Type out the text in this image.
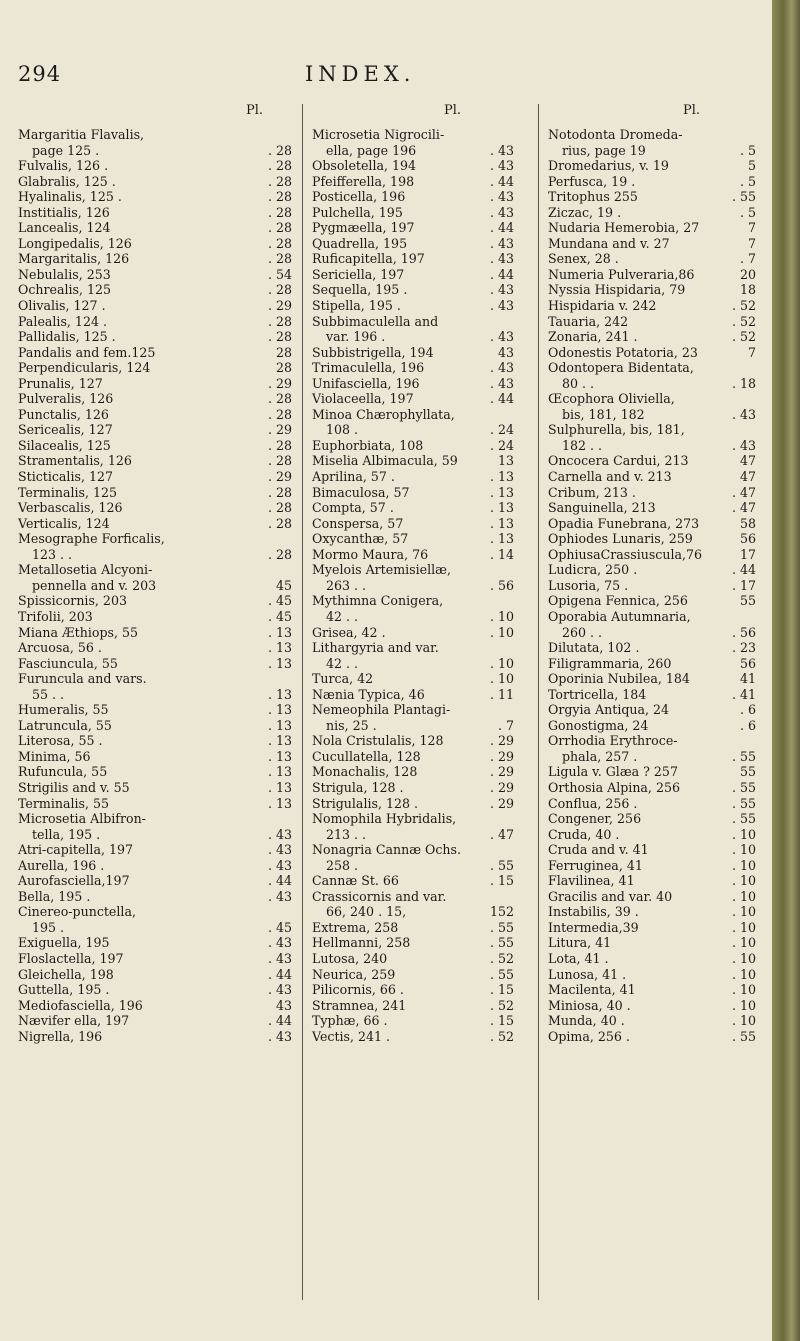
294	INDEX.
Pl.
Margaritia Flavalis,
page 125 .	. 28
Fulvalis, 126 .	. 28
Glabralis, 125 .	. 28
Hyalinalis, 125 .	. 28
Institialis, 126	. 28
Lancealis, 124	. 28
Longipedalis, 126	. 28
Margaritalis, 126	. 28
Nebulalis, 253	. 54
Ochrealis, 125	. 28
Olivalis, 127 .	. 29
Palealis, 124 .	. 28
Pallidalis, 125 .	. 28
Pandalis and fem.125	28
Perpendicularis, 124	28
Prunalis, 127	. 29
Pulveralis, 126	. 28
Punctalis, 126	. 28
Sericealis, 127	. 29
Silacealis, 125	. 28
Stramentalis, 126	. 28
Sticticalis, 127	. 29
Terminalis, 125	. 28
Verbascalis, 126	. 28
Verticalis, 124	. 28
Mesographe Forficalis,
123 . .	. 28
Metallosetia Alcyoni-
pennella and v. 203	45
Spissicornis, 203	. 45
Trifolii, 203	. 45
Miana Æthiops, 55	. 13
Arcuosa, 56 .	. 13
Fasciuncula, 55	. 13
Furuncula and vars.
55 . .	. 13
Humeralis, 55	. 13
Latruncula, 55	. 13
Literosa, 55 .	. 13
Minima, 56	. 13
Rufuncula, 55	. 13
Strigilis and v. 55	. 13
Terminalis, 55	. 13
Microsetia Albifron-
tella, 195 .	. 43
Atri-capitella, 197	. 43
Aurella, 196 .	. 43
Aurofasciella,197	. 44
Bella, 195 .	. 43
Cinereo-punctella,
195 .	. 45
Exiguella, 195	. 43
Floslactella, 197	. 43
Gleichella, 198	. 44
Guttella, 195 .	. 43
Mediofasciella, 196	43
Nævifer ella, 197	. 44
Nigrella, 196	. 43
Pl.
Microsetia Nigrocili-
ella, page 196	. 43
Obsoletella, 194	. 43
Pfeifferella, 198	. 44
Posticella, 196	. 43
Pulchella, 195	. 43
Pygmæella, 197	. 44
Quadrella, 195	. 43
Ruficapitella, 197	. 43
Sericiella, 197	. 44
Sequella, 195 .	. 43
Stipella, 195 .	. 43
Subbimaculella and
var. 196 .	. 43
Subbistrigella, 194	43
Trimaculella, 196	. 43
Unifasciella, 196	. 43
Violaceella, 197	. 44
Minoa Chærophyllata,
108 .	. 24
Euphorbiata, 108	. 24
Miselia Albimacula, 59	13
Aprilina, 57 .	. 13
Bimaculosa, 57	. 13
Compta, 57 .	. 13
Conspersa, 57	. 13
Oxycanthæ, 57	. 13
Mormo Maura, 76	. 14
Myelois Artemisiellæ,
263 . .	. 56
Mythimna Conigera,
42 . .	. 10
Grisea, 42 .	. 10
Lithargyria and var.
42 . .	. 10
Turca, 42	. 10
Nænia Typica, 46	. 11
Nemeophila Plantagi-
nis, 25 .	. 7
Nola Cristulalis, 128	. 29
Cucullatella, 128	. 29
Monachalis, 128	. 29
Strigula, 128 .	. 29
Strigulalis, 128 .	. 29
Nomophila Hybridalis,
213 . .	. 47
Nonagria Cannæ Ochs.
258 .	. 55
Cannæ St. 66	. 15
Crassicornis and var.
66, 240 . 15,	152
Extrema, 258	. 55
Hellmanni, 258	. 55
Lutosa, 240	. 52
Neurica, 259	. 55
Pilicornis, 66 .	. 15
Stramnea, 241	. 52
Typhæ, 66 .	. 15
Vectis, 241 .	. 52
Pl.
Notodonta Dromeda-
rius, page 19	. 5
Dromedarius, v. 19	5
Perfusca, 19 .	. 5
Tritophus 255	. 55
Ziczac, 19 .	. 5
Nudaria Hemerobia, 27	7
Mundana and v. 27	7
Senex, 28 .	. 7
Numeria Pulveraria,86	20
Nyssia Hispidaria, 79	18
Hispidaria v. 242	. 52
Tauaria, 242	. 52
Zonaria, 241 .	. 52
Odonestis Potatoria, 23	7
Odontopera Bidentata,
80 . .	. 18
Œcophora Oliviella,
bis, 181, 182	. 43
Sulphurella, bis, 181,
182 . .	. 43
Oncocera Cardui, 213	47
Carnella and v. 213	47
Cribum, 213 .	. 47
Sanguinella, 213	. 47
Opadia Funebrana, 273	58
Ophiodes Lunaris, 259	56
OphiusaCrassiuscula,76	17
Ludicra, 250 .	. 44
Lusoria, 75 .	. 17
Opigena Fennica, 256	55
Oporabia Autumnaria,
260 . .	. 56
Dilutata, 102 .	. 23
Filigrammaria, 260	56
Oporinia Nubilea, 184	41
Tortricella, 184	. 41
Orgyia Antiqua, 24	. 6
Gonostigma, 24	. 6
Orrhodia Erythroce-
phala, 257 .	. 55
Ligula v. Glæa ? 257	55
Orthosia Alpina, 256	. 55
Conflua, 256 .	. 55
Congener, 256	. 55
Cruda, 40 .	. 10
Cruda and v. 41	. 10
Ferruginea, 41	. 10
Flavilinea, 41	. 10
Gracilis and var. 40	. 10
Instabilis, 39 .	. 10
Intermedia,39	. 10
Litura, 41	. 10
Lota, 41 .	. 10
Lunosa, 41 .	. 10
Macilenta, 41	. 10
Miniosa, 40 .	. 10
Munda, 40 .	. 10
Opima, 256 .	. 55
